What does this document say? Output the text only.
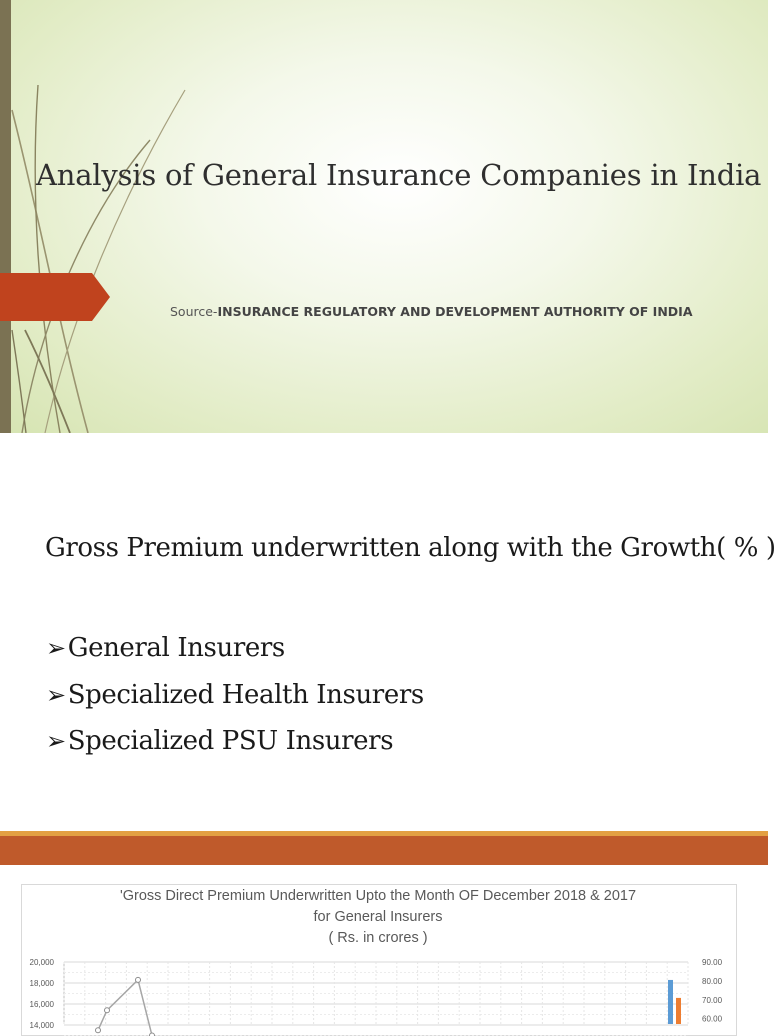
Analysis of General Insurance Companies in India
Source-INSURANCE REGULATORY AND DEVELOPMENT AUTHORITY OF INDIA
Gross Premium underwritten along with the Growth( % )
➢General Insurers
➢Specialized Health Insurers
➢Specialized PSU Insurers
'Gross Direct Premium Underwritten Upto the Month OF December 2018 & 2017
for General Insurers
( Rs. in crores )
20,000
18,000
16,000
14,000
90.00
80.00
70.00
60.00
